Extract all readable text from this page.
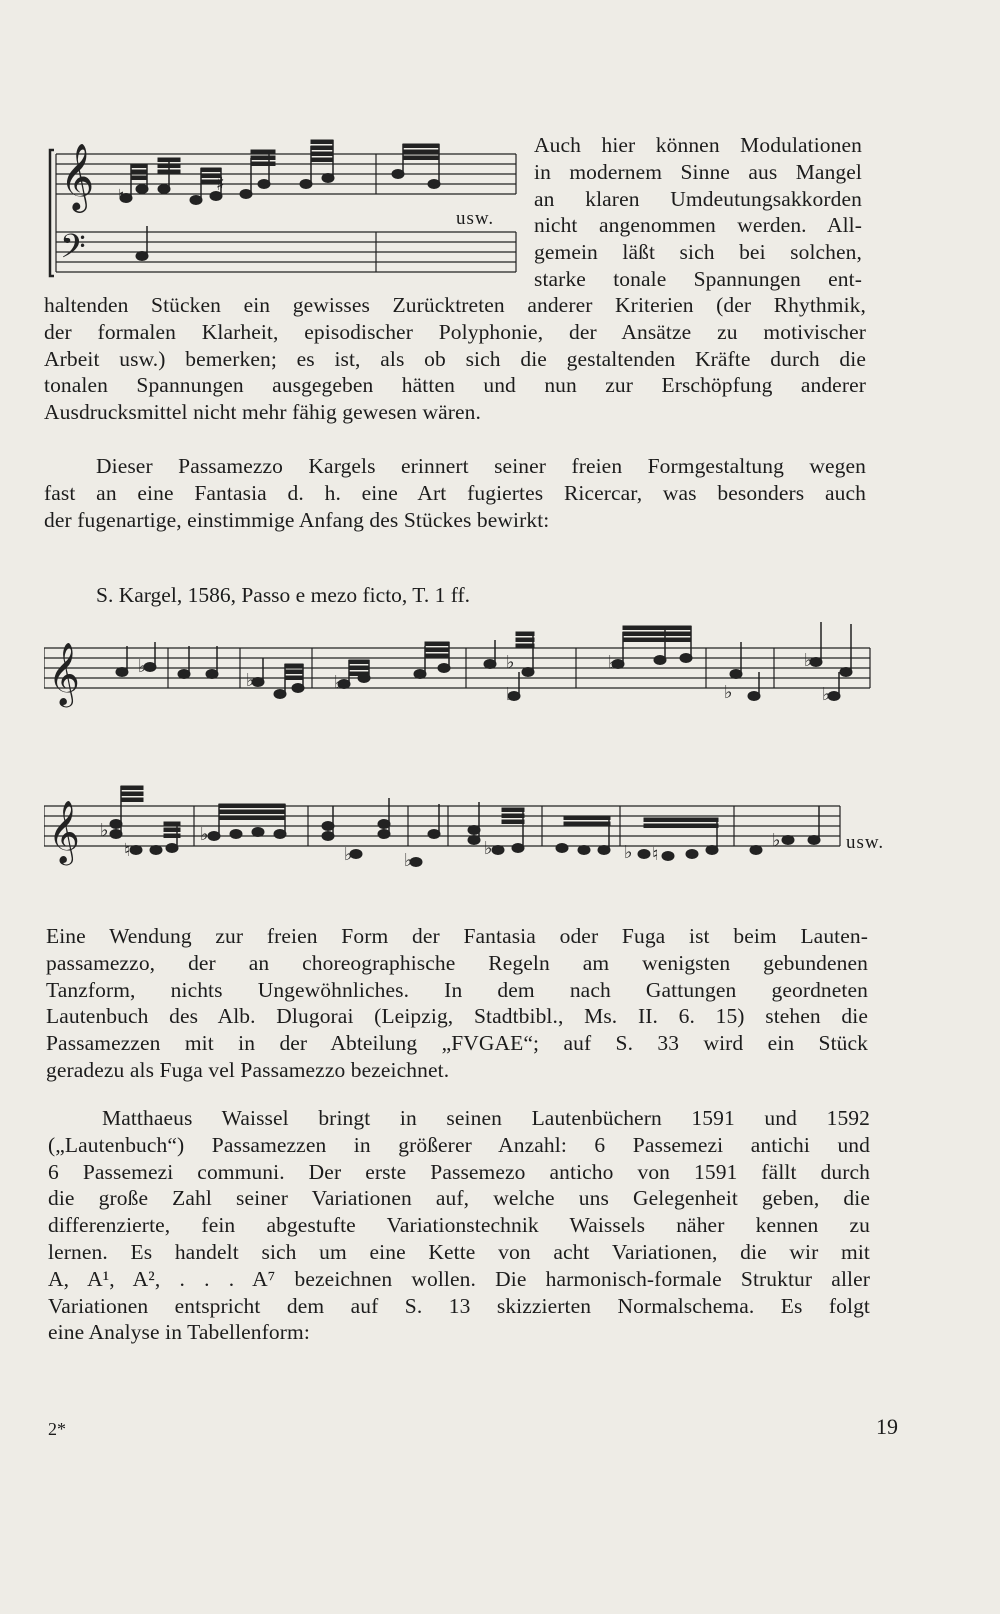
𝄞
𝄢
♯
♮
usw.
Auch hier können Modulationen
in modernem Sinne aus Mangel
an klaren Umdeutungsakkorden
nicht angenommen werden. All-
gemein läßt sich bei solchen,
starke tonale Spannungen ent-
haltenden Stücken ein gewisses Zurücktreten anderer Kriterien (der Rhythmik,
der formalen Klarheit, episodischer Polyphonie, der Ansätze zu motivischer
Arbeit usw.) bemerken; es ist, als ob sich die gestaltenden Kräfte durch die
tonalen Spannungen ausgegeben hätten und nun zur Erschöpfung anderer
Ausdrucksmittel nicht mehr fähig gewesen wären.
Dieser Passamezzo Kargels erinnert seiner freien Formgestaltung wegen
fast an eine Fantasia d. h. eine Art fugiertes Ricercar, was besonders auch
der fugenartige, einstimmige Anfang des Stückes bewirkt:
S. Kargel, 1586, Passo e mezo ficto, T. 1 ff.
𝄞	♭
♭	♭
♭
♭
♭
♭
♭
♭
𝄞 ♭
♮
♭
♭	♭
♭	♭ ♮
♭	usw.
Eine Wendung zur freien Form der Fantasia oder Fuga ist beim Lauten-
passamezzo, der an choreographische Regeln am wenigsten gebundenen
Tanzform, nichts Ungewöhnliches. In dem nach Gattungen geordneten
Lautenbuch des Alb. Dlugorai (Leipzig, Stadtbibl., Ms. II. 6. 15) stehen die
Passamezzen mit in der Abteilung „FVGAE“; auf S. 33 wird ein Stück
geradezu als Fuga vel Passamezzo bezeichnet.
Matthaeus Waissel bringt in seinen Lautenbüchern 1591 und 1592
(„Lautenbuch“) Passamezzen in größerer Anzahl: 6 Passemezi antichi und
6 Passemezi communi. Der erste Passemezo anticho von 1591 fällt durch
die große Zahl seiner Variationen auf, welche uns Gelegenheit geben, die
differenzierte, fein abgestufte Variationstechnik Waissels näher kennen zu
lernen. Es handelt sich um eine Kette von acht Variationen, die wir mit
A, A¹, A², . . . A⁷ bezeichnen wollen. Die harmonisch-formale Struktur aller
Variationen entspricht dem auf S. 13 skizzierten Normalschema. Es folgt
eine Analyse in Tabellenform:
2*	19
